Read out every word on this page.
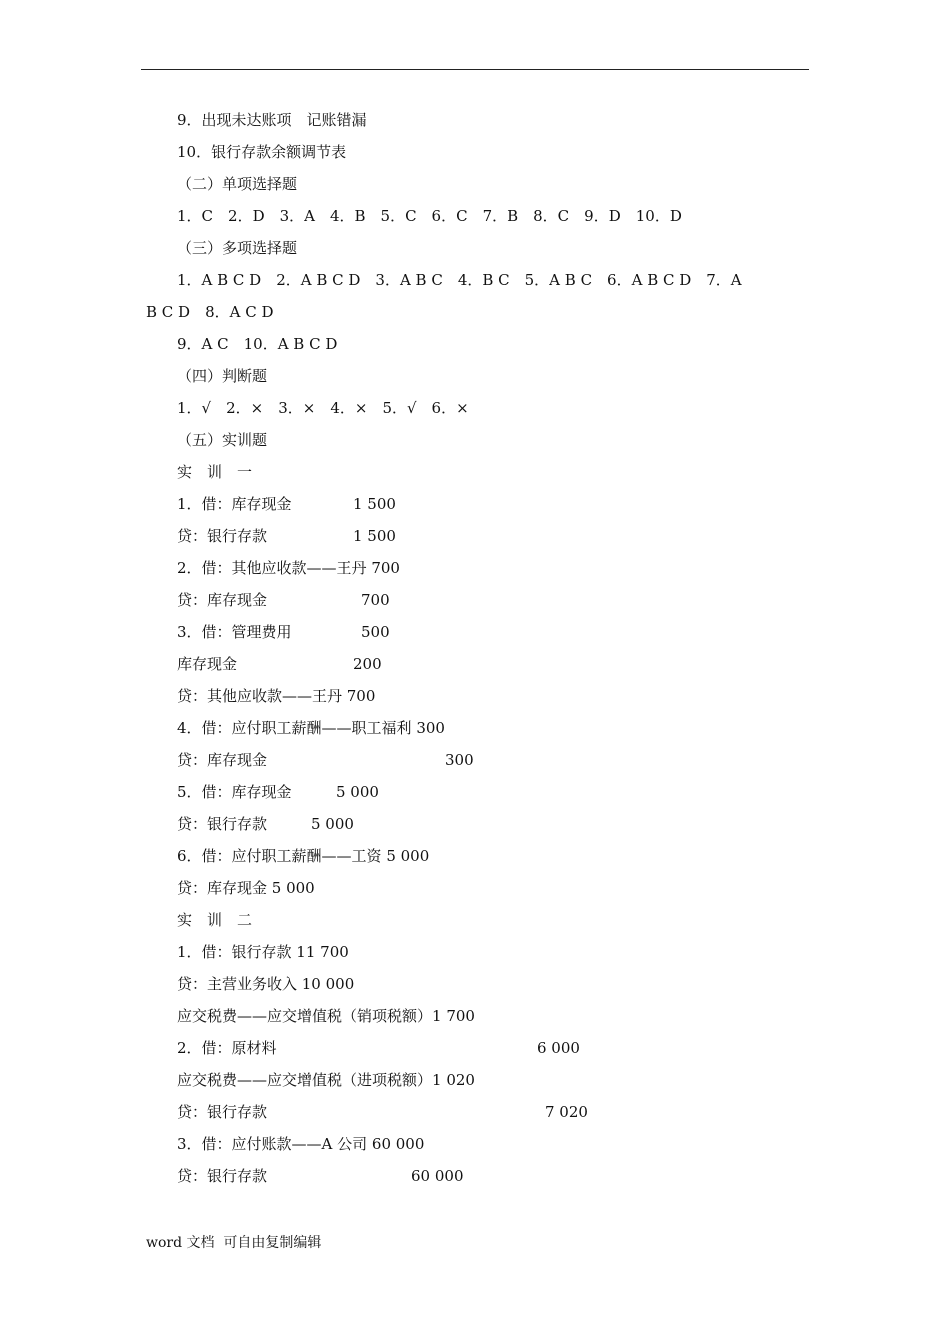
9．出现未达账项　记账错漏
10．银行存款余额调节表
（二）单项选择题
1．C　2．D　3．A　4．B　5．C　6．C　7．B　8．C　9．D　10．D
（三）多项选择题
1．A B C D　2．A B C D　3．A B C　4．B C　5．A B C　6．A B C D　7．A
B C D　8．A C D
9．A C　10．A B C D
（四）判断题
1．√　2．×　3．×　4．×　5．√　6．×
（五）实训题
实　训　一
1．借：库存现金	1 500
贷：银行存款	1 500
2．借：其他应收款——王丹 700
贷：库存现金	700
3．借：管理费用	500
库存现金	200
贷：其他应收款——王丹 700
4．借：应付职工薪酬——职工福利 300
贷：库存现金	300
5．借：库存现金	5 000
贷：银行存款	5 000
6．借：应付职工薪酬——工资 5 000
贷：库存现金 5 000
实　训　二
1．借：银行存款 11 700
贷：主营业务收入 10 000
应交税费——应交增值税（销项税额）1 700
2．借：原材料	6 000
应交税费——应交增值税（进项税额）1 020
贷：银行存款	7 020
3．借：应付账款——A 公司 60 000
贷：银行存款	60 000
word 文档  可自由复制编辑
